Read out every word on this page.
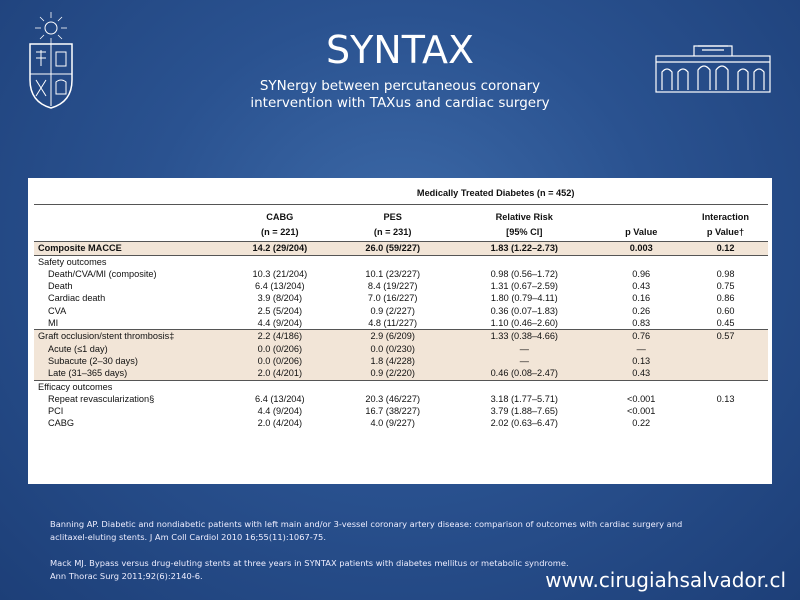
SYNTAX
SYNergy between percutaneous coronary
intervention with TAXus and cardiac surgery
	Medically Treated Diabetes (n = 452)				
	CABG	PES	Relative Risk		Interaction
	(n = 221)	(n = 231)	[95% CI]	p Value	p Value†
Composite MACCE	14.2 (29/204)	26.0 (59/227)	1.83 (1.22–2.73)	0.003	0.12
Safety outcomes					
Death/CVA/MI (composite)	10.3 (21/204)	10.1 (23/227)	0.98 (0.56–1.72)	0.96	0.98
Death	6.4 (13/204)	8.4 (19/227)	1.31 (0.67–2.59)	0.43	0.75
Cardiac death	3.9 (8/204)	7.0 (16/227)	1.80 (0.79–4.11)	0.16	0.86
CVA	2.5 (5/204)	0.9 (2/227)	0.36 (0.07–1.83)	0.26	0.60
MI	4.4 (9/204)	4.8 (11/227)	1.10 (0.46–2.60)	0.83	0.45
Graft occlusion/stent thrombosis‡	2.2 (4/186)	2.9 (6/209)	1.33 (0.38–4.66)	0.76	0.57
Acute (≤1 day)	0.0 (0/206)	0.0 (0/230)	—	—	
Subacute (2–30 days)	0.0 (0/206)	1.8 (4/228)	—	0.13	
Late (31–365 days)	2.0 (4/201)	0.9 (2/220)	0.46 (0.08–2.47)	0.43	
Efficacy outcomes					
Repeat revascularization§	6.4 (13/204)	20.3 (46/227)	3.18 (1.77–5.71)	<0.001	0.13
PCI	4.4 (9/204)	16.7 (38/227)	3.79 (1.88–7.65)	<0.001	
CABG	2.0 (4/204)	4.0 (9/227)	2.02 (0.63–6.47)	0.22	

Banning AP. Diabetic and nondiabetic patients with left main and/or 3-vessel coronary artery disease: comparison of outcomes with cardiac surgery and

aclitaxel-eluting stents. J Am Coll Cardiol 2010 16;55(11):1067-75.

Mack MJ. Bypass versus drug-eluting stents at three years in SYNTAX patients with diabetes mellitus or metabolic syndrome.

Ann Thorac Surg 2011;92(6):2140-6.	www.cirugiahsalvador.cl
